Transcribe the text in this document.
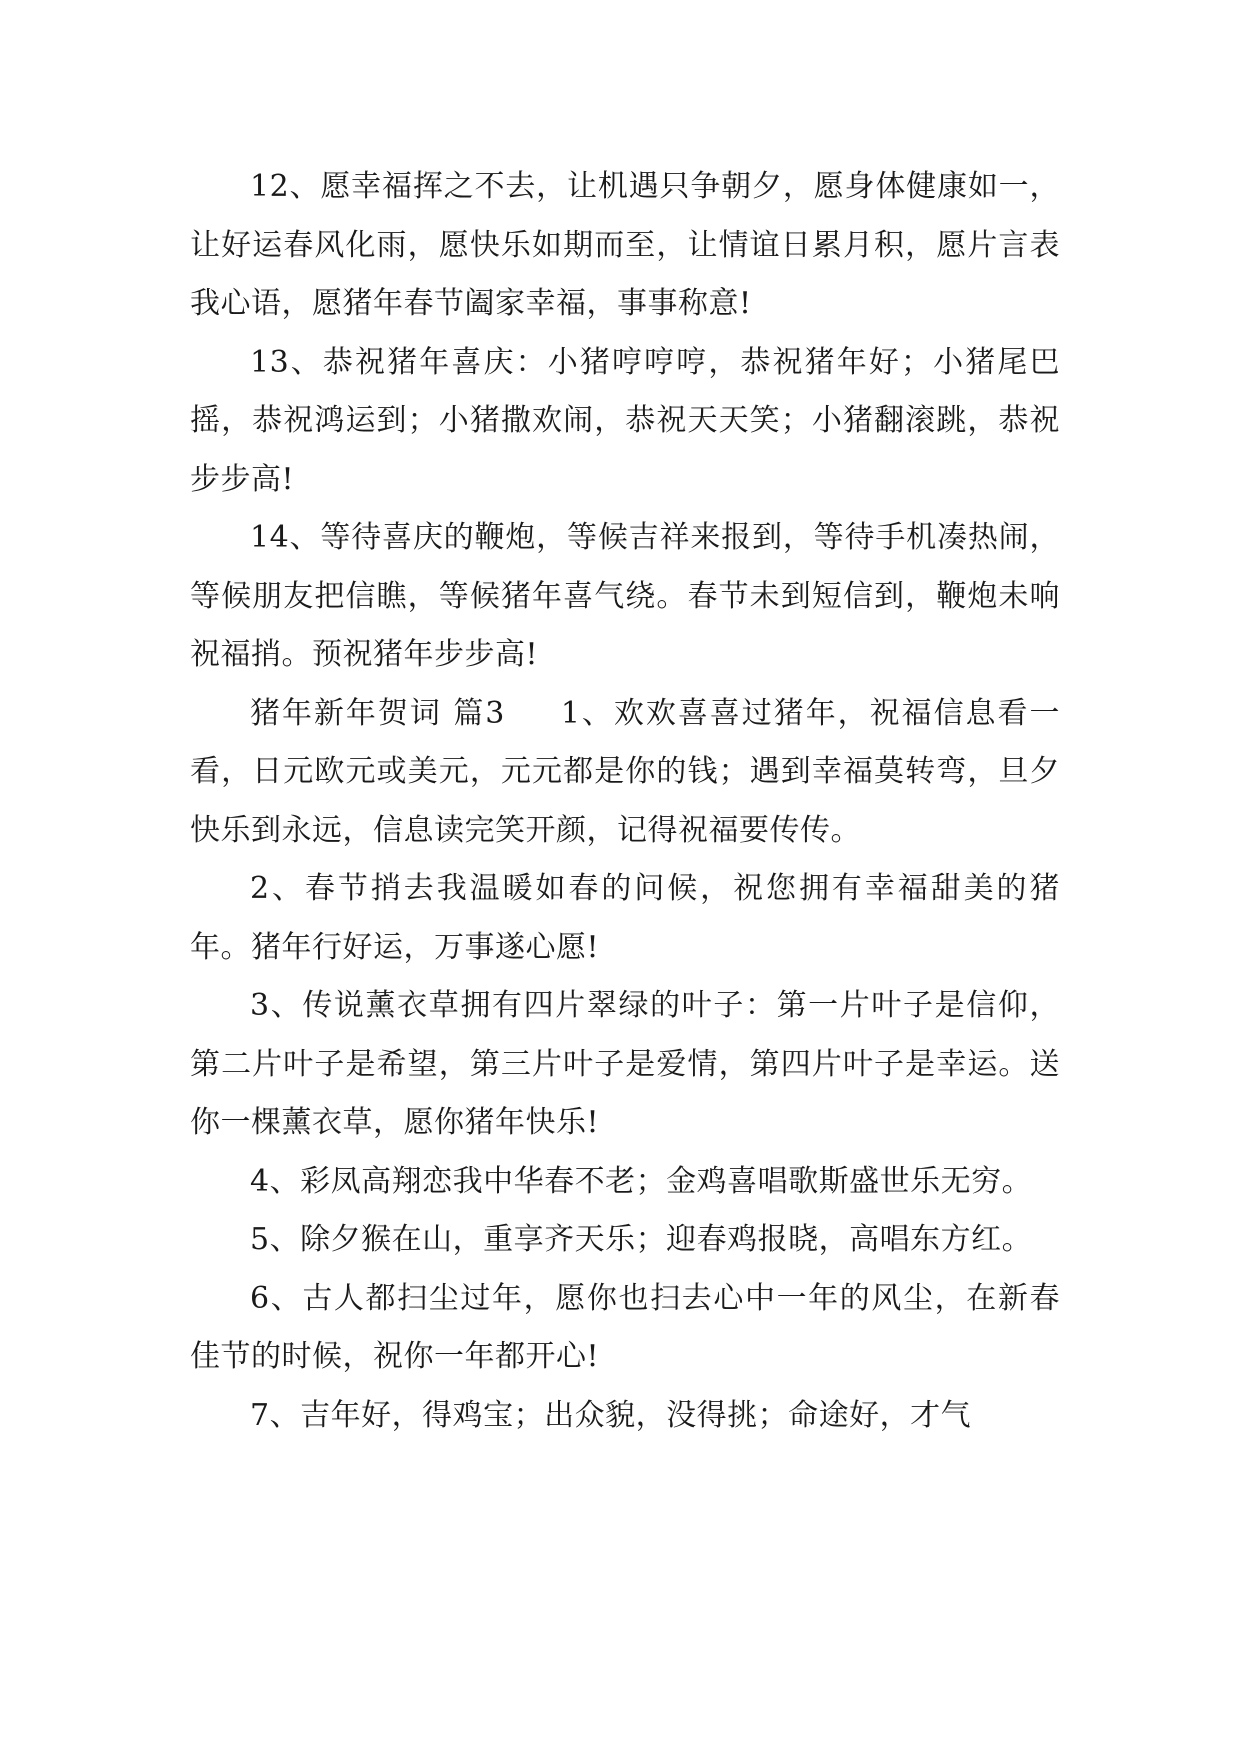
12、愿幸福挥之不去，让机遇只争朝夕，愿身体健康如一，让好运春风化雨，愿快乐如期而至，让情谊日累月积，愿片言表我心语，愿猪年春节阖家幸福，事事称意!

13、恭祝猪年喜庆：小猪哼哼哼，恭祝猪年好；小猪尾巴摇，恭祝鸿运到；小猪撒欢闹，恭祝天天笑；小猪翻滚跳，恭祝步步高!

14、等待喜庆的鞭炮，等候吉祥来报到，等待手机凑热闹，等候朋友把信瞧，等候猪年喜气绕。春节未到短信到，鞭炮未响祝福捎。预祝猪年步步高!

猪年新年贺词 篇3 1、欢欢喜喜过猪年，祝福信息看一看，日元欧元或美元，元元都是你的钱；遇到幸福莫转弯，旦夕快乐到永远，信息读完笑开颜，记得祝福要传传。

2、春节捎去我温暖如春的问候，祝您拥有幸福甜美的猪年。猪年行好运，万事遂心愿!

3、传说薰衣草拥有四片翠绿的叶子：第一片叶子是信仰，第二片叶子是希望，第三片叶子是爱情，第四片叶子是幸运。送你一棵薰衣草，愿你猪年快乐!

4、彩凤高翔恋我中华春不老；金鸡喜唱歌斯盛世乐无穷。

5、除夕猴在山，重享齐天乐；迎春鸡报晓，高唱东方红。

6、古人都扫尘过年，愿你也扫去心中一年的风尘，在新春佳节的时候，祝你一年都开心!

7、吉年好，得鸡宝；出众貌，没得挑；命途好，才气
